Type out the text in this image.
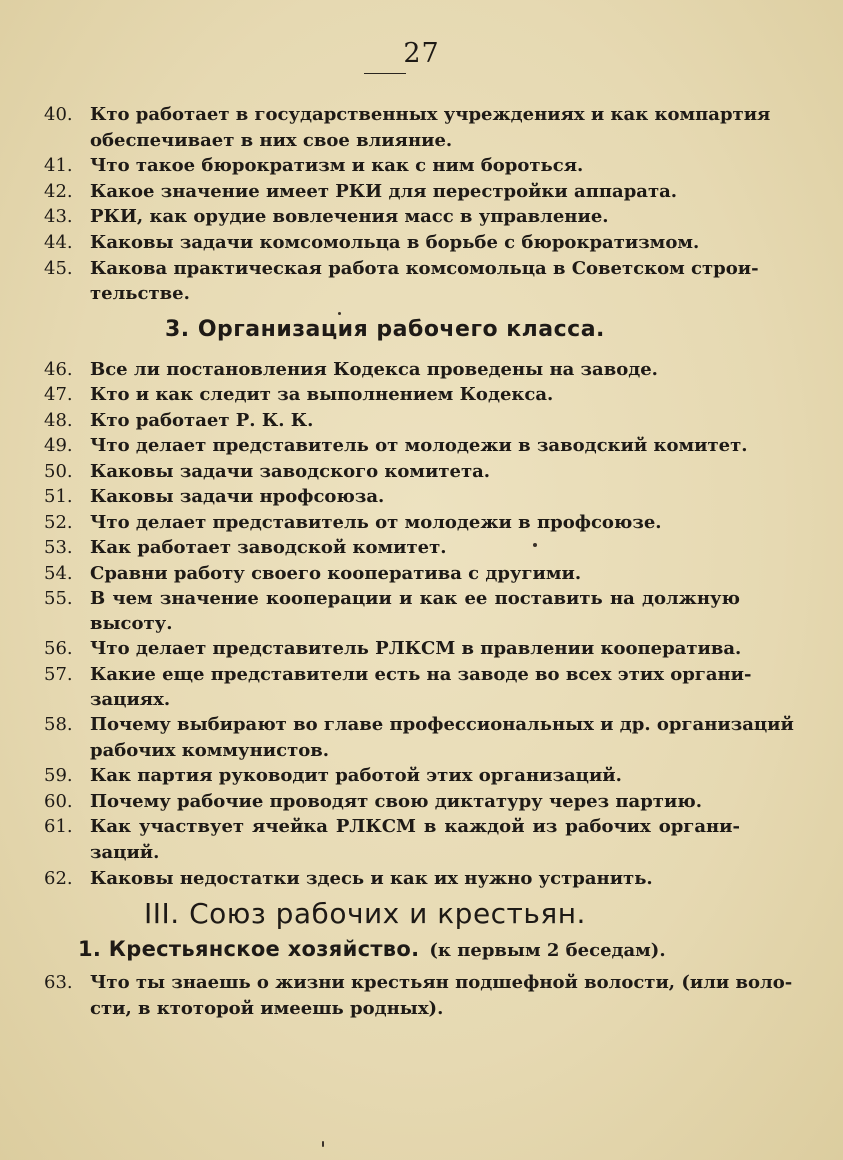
27
40. Кто работает в государственных учреждениях и как компартия
обеспечивает в них свое влияние.
41. Что такое бюрократизм и как с ним бороться.
42. Какое значение имеет РКИ для перестройки аппарата.
43. РКИ, как орудие вовлечения масс в управление.
44. Каковы задачи комсомольца в борьбе с бюрократизмом.
45. Какова практическая работа комсомольца в Советском строи-
тельстве.
3. Организация рабочего класса.
46. Все ли постановления Кодекса проведены на заводе.
47. Кто и как следит за выполнением Кодекса.
48. Кто работает Р. К. К.
49. Что делает представитель от молодежи в заводский комитет.
50. Каковы задачи заводского комитета.
51. Каковы задачи нрофсоюза.
52. Что делает представитель от молодежи в профсоюзе.
53. Как работает заводской комитет.
54. Сравни работу своего кооператива с другими.
55. В чем значение кооперации и как ее поставить на должную
высоту.
56. Что делает представитель РЛКСМ в правлении кооператива.
57. Какие еще представители есть на заводе во всех этих органи-
зациях.
58. Почему выбирают во главе профессиональных и др. организаций
рабочих коммунистов.
59. Как партия руководит работой этих организаций.
60. Почему рабочие проводят свою диктатуру через партию.
61. Как участвует ячейка РЛКСМ в каждой из рабочих органи-
заций.
62. Каковы недостатки здесь и как их нужно устранить.
III. Союз рабочих и крестьян.
1. Крестьянское хозяйство. (к первым 2 беседам).
63. Что ты знаешь о жизни крестьян подшефной волости, (или воло-
сти, в ктоторой имеешь родных).
